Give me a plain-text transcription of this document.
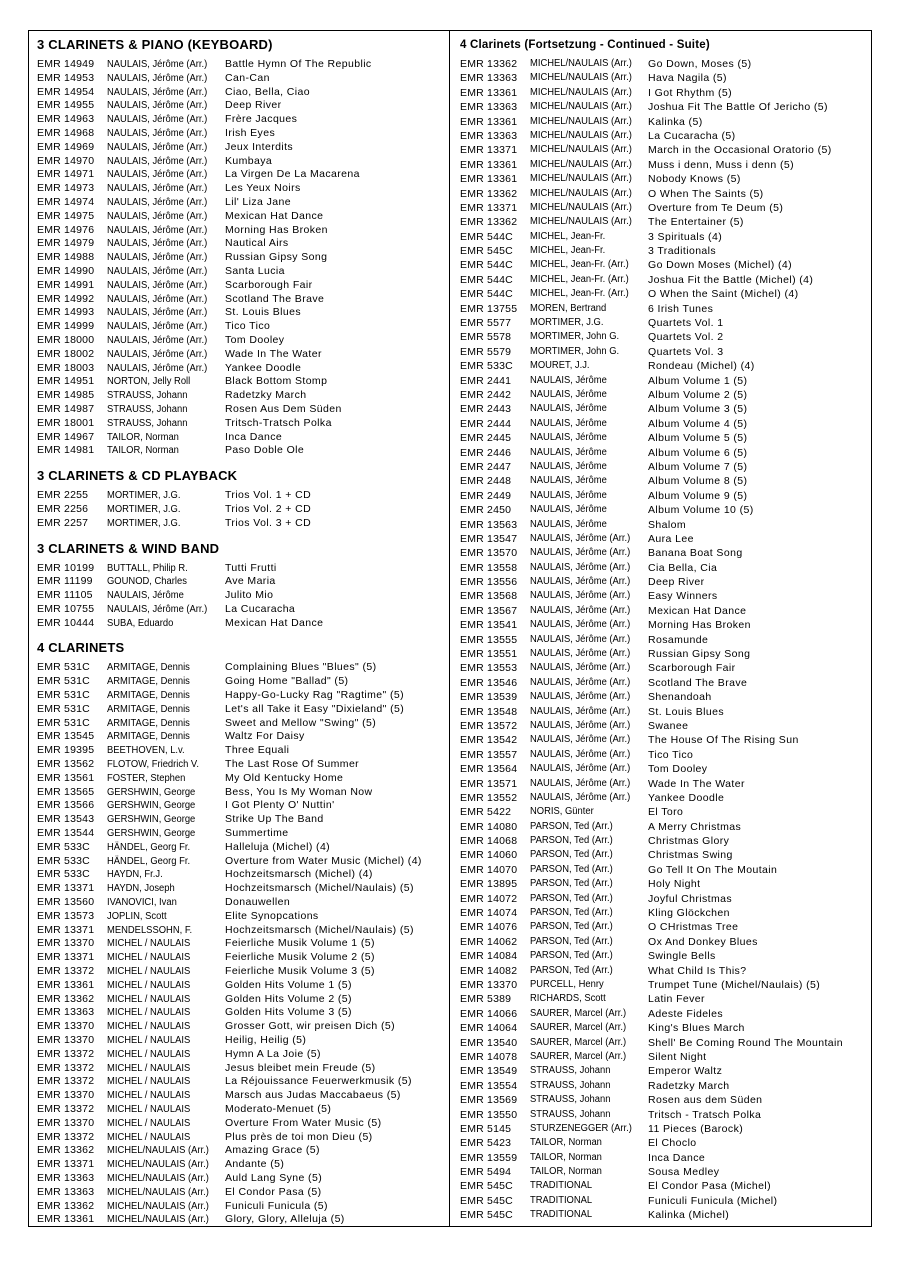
3 CLARINETS & PIANO (KEYBOARD)
EMR 14949	NAULAIS, Jérôme (Arr.)	Battle Hymn Of The Republic
EMR 14953	NAULAIS, Jérôme (Arr.)	Can-Can
EMR 14954	NAULAIS, Jérôme (Arr.)	Ciao, Bella, Ciao
EMR 14955	NAULAIS, Jérôme (Arr.)	Deep River
EMR 14963	NAULAIS, Jérôme (Arr.)	Frère Jacques
EMR 14968	NAULAIS, Jérôme (Arr.)	Irish Eyes
EMR 14969	NAULAIS, Jérôme (Arr.)	Jeux Interdits
EMR 14970	NAULAIS, Jérôme (Arr.)	Kumbaya
EMR 14971	NAULAIS, Jérôme (Arr.)	La Virgen De La Macarena
EMR 14973	NAULAIS, Jérôme (Arr.)	Les Yeux Noirs
EMR 14974	NAULAIS, Jérôme (Arr.)	Lil' Liza Jane
EMR 14975	NAULAIS, Jérôme (Arr.)	Mexican Hat Dance
EMR 14976	NAULAIS, Jérôme (Arr.)	Morning Has Broken
EMR 14979	NAULAIS, Jérôme (Arr.)	Nautical Airs
EMR 14988	NAULAIS, Jérôme (Arr.)	Russian Gipsy Song
EMR 14990	NAULAIS, Jérôme (Arr.)	Santa Lucia
EMR 14991	NAULAIS, Jérôme (Arr.)	Scarborough Fair
EMR 14992	NAULAIS, Jérôme (Arr.)	Scotland The Brave
EMR 14993	NAULAIS, Jérôme (Arr.)	St. Louis Blues
EMR 14999	NAULAIS, Jérôme (Arr.)	Tico Tico
EMR 18000	NAULAIS, Jérôme (Arr.)	Tom Dooley
EMR 18002	NAULAIS, Jérôme (Arr.)	Wade In The Water
EMR 18003	NAULAIS, Jérôme (Arr.)	Yankee Doodle
EMR 14951	NORTON, Jelly Roll	Black Bottom Stomp
EMR 14985	STRAUSS, Johann	Radetzky March
EMR 14987	STRAUSS, Johann	Rosen Aus Dem Süden
EMR 18001	STRAUSS, Johann	Tritsch-Tratsch Polka
EMR 14967	TAILOR, Norman	Inca Dance
EMR 14981	TAILOR, Norman	Paso Doble Ole
3 CLARINETS & CD PLAYBACK
EMR 2255	MORTIMER, J.G.	Trios Vol. 1 + CD
EMR 2256	MORTIMER, J.G.	Trios Vol. 2 + CD
EMR 2257	MORTIMER, J.G.	Trios Vol. 3 + CD
3 CLARINETS & WIND BAND
EMR 10199	BUTTALL, Philip R.	Tutti Frutti
EMR 11199	GOUNOD, Charles	Ave Maria
EMR 11105	NAULAIS, Jérôme	Julito Mio
EMR 10755	NAULAIS, Jérôme (Arr.)	La Cucaracha
EMR 10444	SUBA, Eduardo	Mexican Hat Dance
4 CLARINETS
EMR 531C	ARMITAGE, Dennis	Complaining Blues "Blues" (5)
EMR 531C	ARMITAGE, Dennis	Going Home "Ballad" (5)
EMR 531C	ARMITAGE, Dennis	Happy-Go-Lucky Rag "Ragtime" (5)
EMR 531C	ARMITAGE, Dennis	Let's all Take it Easy "Dixieland" (5)
EMR 531C	ARMITAGE, Dennis	Sweet and Mellow "Swing" (5)
EMR 13545	ARMITAGE, Dennis	Waltz For Daisy
EMR 19395	BEETHOVEN, L.v.	Three Equali
EMR 13562	FLOTOW, Friedrich V.	The Last Rose Of Summer
EMR 13561	FOSTER, Stephen	My Old Kentucky Home
EMR 13565	GERSHWIN, George	Bess, You Is My Woman Now
EMR 13566	GERSHWIN, George	I Got Plenty O' Nuttin'
EMR 13543	GERSHWIN, George	Strike Up The Band
EMR 13544	GERSHWIN, George	Summertime
EMR 533C	HÄNDEL, Georg Fr.	Halleluja (Michel) (4)
EMR 533C	HÄNDEL, Georg Fr.	Overture from Water Music (Michel) (4)
EMR 533C	HAYDN, Fr.J.	Hochzeitsmarsch (Michel) (4)
EMR 13371	HAYDN, Joseph	Hochzeitsmarsch (Michel/Naulais) (5)
EMR 13560	IVANOVICI, Ivan	Donauwellen
EMR 13573	JOPLIN, Scott	Elite Synopcations
EMR 13371	MENDELSSOHN, F.	Hochzeitsmarsch (Michel/Naulais) (5)
EMR 13370	MICHEL / NAULAIS	Feierliche Musik Volume 1 (5)
EMR 13371	MICHEL / NAULAIS	Feierliche Musik Volume 2 (5)
EMR 13372	MICHEL / NAULAIS	Feierliche Musik Volume 3 (5)
EMR 13361	MICHEL / NAULAIS	Golden Hits Volume 1 (5)
EMR 13362	MICHEL / NAULAIS	Golden Hits Volume 2 (5)
EMR 13363	MICHEL / NAULAIS	Golden Hits Volume 3 (5)
EMR 13370	MICHEL / NAULAIS	Grosser Gott, wir preisen Dich (5)
EMR 13370	MICHEL / NAULAIS	Heilig, Heilig (5)
EMR 13372	MICHEL / NAULAIS	Hymn A La Joie (5)
EMR 13372	MICHEL / NAULAIS	Jesus bleibet mein Freude (5)
EMR 13372	MICHEL / NAULAIS	La Réjouissance Feuerwerkmusik (5)
EMR 13370	MICHEL / NAULAIS	Marsch aus Judas Maccabaeus (5)
EMR 13372	MICHEL / NAULAIS	Moderato-Menuet (5)
EMR 13370	MICHEL / NAULAIS	Overture From Water Music (5)
EMR 13372	MICHEL / NAULAIS	Plus près de toi mon Dieu (5)
EMR 13362	MICHEL/NAULAIS (Arr.)	Amazing Grace (5)
EMR 13371	MICHEL/NAULAIS (Arr.)	Andante (5)
EMR 13363	MICHEL/NAULAIS (Arr.)	Auld Lang Syne (5)
EMR 13363	MICHEL/NAULAIS (Arr.)	El Condor Pasa (5)
EMR 13362	MICHEL/NAULAIS (Arr.)	Funiculi Funicula (5)
EMR 13361	MICHEL/NAULAIS (Arr.)	Glory, Glory, Alleluja (5)
4 Clarinets (Fortsetzung - Continued - Suite)
EMR 13362	MICHEL/NAULAIS (Arr.)	Go Down, Moses (5)
EMR 13363	MICHEL/NAULAIS (Arr.)	Hava Nagila (5)
EMR 13361	MICHEL/NAULAIS (Arr.)	I Got Rhythm (5)
EMR 13363	MICHEL/NAULAIS (Arr.)	Joshua Fit The Battle Of Jericho (5)
EMR 13361	MICHEL/NAULAIS (Arr.)	Kalinka (5)
EMR 13363	MICHEL/NAULAIS (Arr.)	La Cucaracha (5)
EMR 13371	MICHEL/NAULAIS (Arr.)	March in the Occasional Oratorio (5)
EMR 13361	MICHEL/NAULAIS (Arr.)	Muss i denn, Muss i denn (5)
EMR 13361	MICHEL/NAULAIS (Arr.)	Nobody Knows (5)
EMR 13362	MICHEL/NAULAIS (Arr.)	O When The Saints (5)
EMR 13371	MICHEL/NAULAIS (Arr.)	Overture from Te Deum (5)
EMR 13362	MICHEL/NAULAIS (Arr.)	The Entertainer (5)
EMR 544C	MICHEL, Jean-Fr.	3 Spirituals (4)
EMR 545C	MICHEL, Jean-Fr.	3 Traditionals
EMR 544C	MICHEL, Jean-Fr. (Arr.)	Go Down Moses (Michel) (4)
EMR 544C	MICHEL, Jean-Fr. (Arr.)	Joshua Fit the Battle (Michel) (4)
EMR 544C	MICHEL, Jean-Fr. (Arr.)	O When the Saint (Michel) (4)
EMR 13755	MOREN, Bertrand	6 Irish Tunes
EMR 5577	MORTIMER, J.G.	Quartets Vol. 1
EMR 5578	MORTIMER, John G.	Quartets Vol. 2
EMR 5579	MORTIMER, John G.	Quartets Vol. 3
EMR 533C	MOURET, J.J.	Rondeau (Michel) (4)
EMR 2441	NAULAIS, Jérôme	Album Volume 1 (5)
EMR 2442	NAULAIS, Jérôme	Album Volume 2 (5)
EMR 2443	NAULAIS, Jérôme	Album Volume 3 (5)
EMR 2444	NAULAIS, Jérôme	Album Volume 4 (5)
EMR 2445	NAULAIS, Jérôme	Album Volume 5 (5)
EMR 2446	NAULAIS, Jérôme	Album Volume 6 (5)
EMR 2447	NAULAIS, Jérôme	Album Volume 7 (5)
EMR 2448	NAULAIS, Jérôme	Album Volume 8 (5)
EMR 2449	NAULAIS, Jérôme	Album Volume 9 (5)
EMR 2450	NAULAIS, Jérôme	Album Volume 10 (5)
EMR 13563	NAULAIS, Jérôme	Shalom
EMR 13547	NAULAIS, Jérôme (Arr.)	Aura Lee
EMR 13570	NAULAIS, Jérôme (Arr.)	Banana Boat Song
EMR 13558	NAULAIS, Jérôme (Arr.)	Cia Bella, Cia
EMR 13556	NAULAIS, Jérôme (Arr.)	Deep River
EMR 13568	NAULAIS, Jérôme (Arr.)	Easy Winners
EMR 13567	NAULAIS, Jérôme (Arr.)	Mexican Hat Dance
EMR 13541	NAULAIS, Jérôme (Arr.)	Morning Has Broken
EMR 13555	NAULAIS, Jérôme (Arr.)	Rosamunde
EMR 13551	NAULAIS, Jérôme (Arr.)	Russian Gipsy Song
EMR 13553	NAULAIS, Jérôme (Arr.)	Scarborough Fair
EMR 13546	NAULAIS, Jérôme (Arr.)	Scotland The Brave
EMR 13539	NAULAIS, Jérôme (Arr.)	Shenandoah
EMR 13548	NAULAIS, Jérôme (Arr.)	St. Louis Blues
EMR 13572	NAULAIS, Jérôme (Arr.)	Swanee
EMR 13542	NAULAIS, Jérôme (Arr.)	The House Of The Rising Sun
EMR 13557	NAULAIS, Jérôme (Arr.)	Tico Tico
EMR 13564	NAULAIS, Jérôme (Arr.)	Tom Dooley
EMR 13571	NAULAIS, Jérôme (Arr.)	Wade In The Water
EMR 13552	NAULAIS, Jérôme (Arr.)	Yankee Doodle
EMR 5422	NORIS, Günter	El Toro
EMR 14080	PARSON, Ted (Arr.)	A Merry Christmas
EMR 14068	PARSON, Ted (Arr.)	Christmas Glory
EMR 14060	PARSON, Ted (Arr.)	Christmas Swing
EMR 14070	PARSON, Ted (Arr.)	Go Tell It On The Moutain
EMR 13895	PARSON, Ted (Arr.)	Holy Night
EMR 14072	PARSON, Ted (Arr.)	Joyful Christmas
EMR 14074	PARSON, Ted (Arr.)	Kling Glöckchen
EMR 14076	PARSON, Ted (Arr.)	O CHristmas Tree
EMR 14062	PARSON, Ted (Arr.)	Ox And Donkey Blues
EMR 14084	PARSON, Ted (Arr.)	Swingle Bells
EMR 14082	PARSON, Ted (Arr.)	What Child Is This?
EMR 13370	PURCELL, Henry	Trumpet Tune (Michel/Naulais) (5)
EMR 5389	RICHARDS, Scott	Latin Fever
EMR 14066	SAURER, Marcel (Arr.)	Adeste Fideles
EMR 14064	SAURER, Marcel (Arr.)	King's Blues March
EMR 13540	SAURER, Marcel (Arr.)	Shell' Be Coming Round The Mountain
EMR 14078	SAURER, Marcel (Arr.)	Silent Night
EMR 13549	STRAUSS, Johann	Emperor Waltz
EMR 13554	STRAUSS, Johann	Radetzky March
EMR 13569	STRAUSS, Johann	Rosen aus dem Süden
EMR 13550	STRAUSS, Johann	Tritsch - Tratsch Polka
EMR 5145	STURZENEGGER (Arr.)	11 Pieces (Barock)
EMR 5423	TAILOR, Norman	El Choclo
EMR 13559	TAILOR, Norman	Inca Dance
EMR 5494	TAILOR, Norman	Sousa Medley
EMR 545C	TRADITIONAL	El Condor Pasa (Michel)
EMR 545C	TRADITIONAL	Funiculi Funicula (Michel)
EMR 545C	TRADITIONAL	Kalinka (Michel)
